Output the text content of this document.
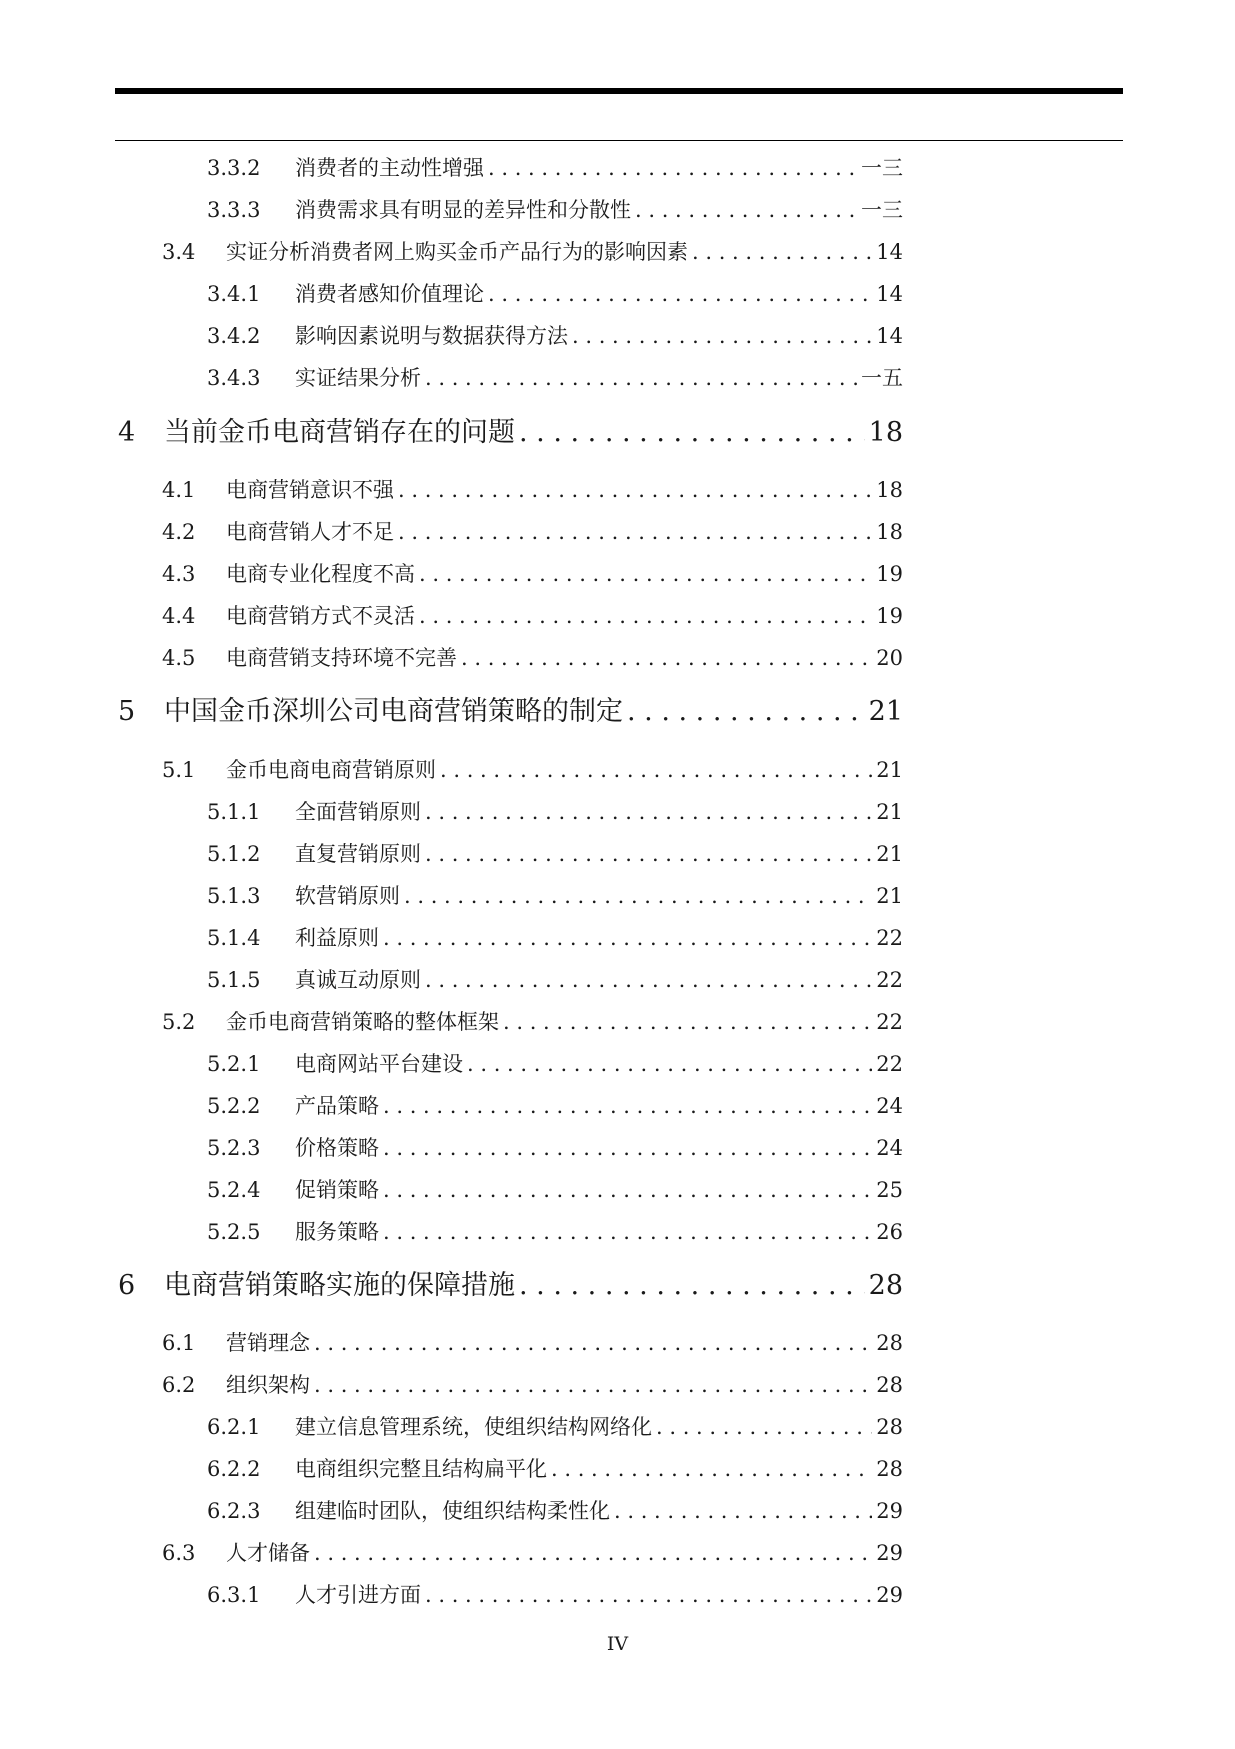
3.3.2	消费者的主动性增强 . . .	一三
3.3.3	消费需求具有明显的差异性和分散性 . . .	一三
3.4	实证分析消费者网上购买金币产品行为的影响因素 . . .	14
3.4.1	消费者感知价值理论 . . .	14
3.4.2	影响因素说明与数据获得方法 . . .	14
3.4.3	实证结果分析 . . .	一五
4	当前金币电商营销存在的问题 . . .	18
4.1	电商营销意识不强 . . .	18
4.2	电商营销人才不足 . . .	18
4.3	电商专业化程度不高 . . .	19
4.4	电商营销方式不灵活 . . .	19
4.5	电商营销支持环境不完善 . . .	20
5	中国金币深圳公司电商营销策略的制定 . . .	21
5.1	金币电商电商营销原则 . . .	21
5.1.1	全面营销原则 . . .	21
5.1.2	直复营销原则 . . .	21
5.1.3	软营销原则 . . .	21
5.1.4	利益原则 . . .	22
5.1.5	真诚互动原则 . . .	22
5.2	金币电商营销策略的整体框架 . . .	22
5.2.1	电商网站平台建设 . . .	22
5.2.2	产品策略 . . .	24
5.2.3	价格策略 . . .	24
5.2.4	促销策略 . . .	25
5.2.5	服务策略 . . .	26
6	电商营销策略实施的保障措施 . . .	28
6.1	营销理念 . . .	28
6.2	组织架构 . . .	28
6.2.1	建立信息管理系统，使组织结构网络化 . . .	28
6.2.2	电商组织完整且结构扁平化 . . .	28
6.2.3	组建临时团队，使组织结构柔性化 . . .	29
6.3	人才储备 . . .	29
6.3.1	人才引进方面 . . .	29
IV
